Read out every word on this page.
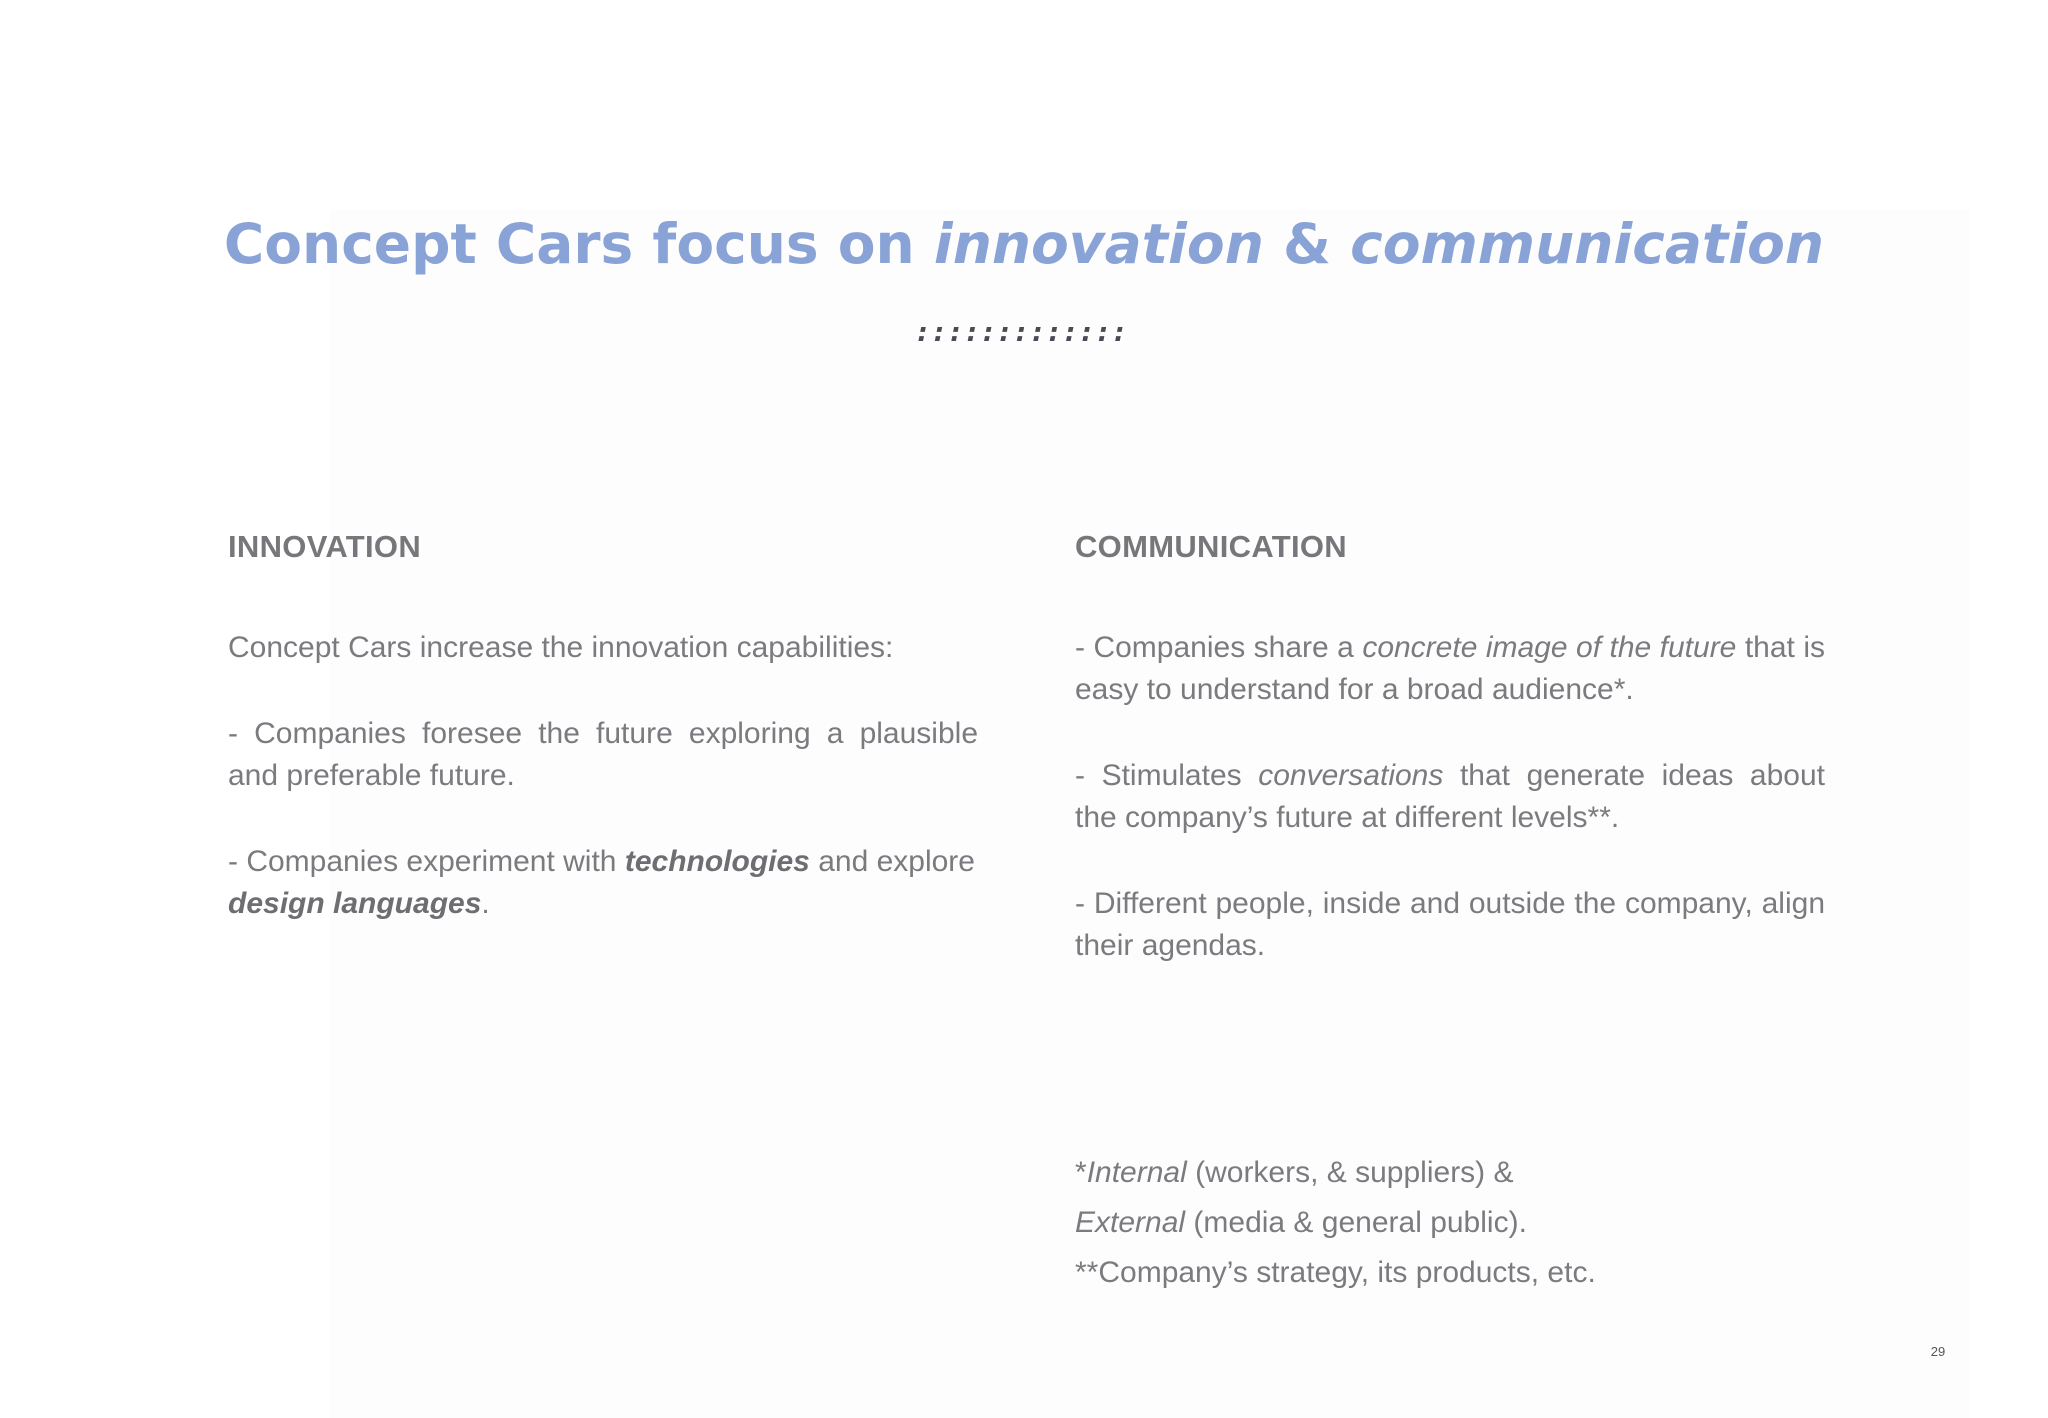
Concept Cars focus on innovation & communication
:::::::::::::
INNOVATION
Concept Cars increase the innovation capabilities:
- Companies foresee the future exploring a plausible and preferable future.
- Companies experiment with technologies and explore design languages.
COMMUNICATION
- Companies share a concrete image of the future that is easy to understand for a broad audience*.
- Stimulates conversations that generate ideas about the company’s future at different levels**.
- Different people, inside and outside the company, align their agendas.
*Internal (workers, & suppliers) &
External (media & general public).
**Company’s strategy, its products, etc.
29
